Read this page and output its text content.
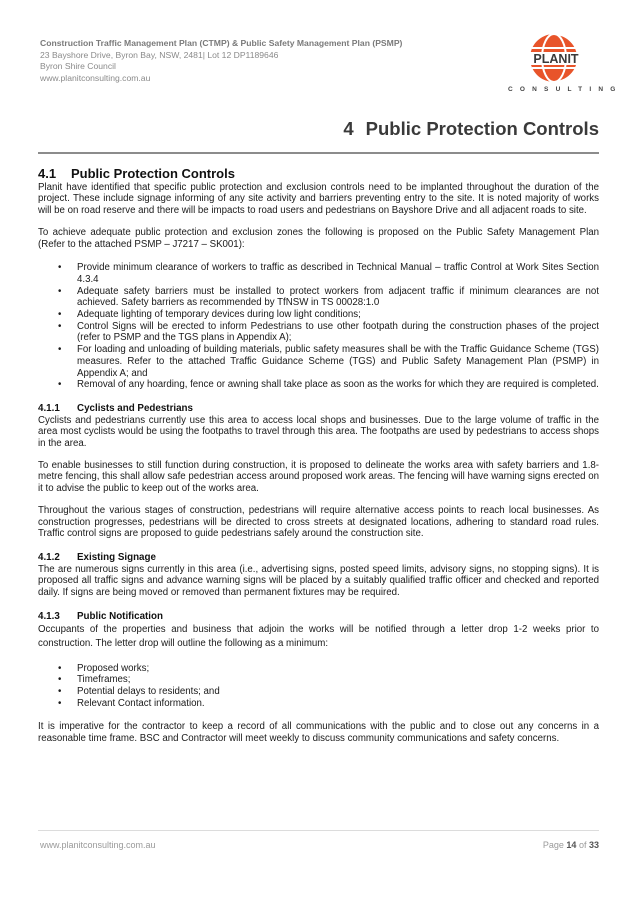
Construction Traffic Management Plan (CTMP) & Public Safety Management Plan (PSMP)
23 Bayshore Drive, Byron Bay, NSW, 2481| Lot 12 DP1189646
Byron Shire Council
www.planitconsulting.com.au
PLANIT
CONSULTING
4 Public Protection Controls
4.1 Public Protection Controls

Planit have identified that specific public protection and exclusion controls need to be implanted throughout the duration of the project. These include signage informing of any site activity and barriers preventing entry to the site. It is noted majority of works will be on road reserve and there will be impacts to road users and pedestrians on Bayshore Drive and all adjacent roads to site.

To achieve adequate public protection and exclusion zones the following is proposed on the Public Safety Management Plan (Refer to the attached PSMP – J7217 – SK001):

• Provide minimum clearance of workers to traffic as described in Technical Manual – traffic Control at Work Sites Section 4.3.4
• Adequate safety barriers must be installed to protect workers from adjacent traffic if minimum clearances are not achieved. Safety barriers as recommended by TfNSW in TS 00028:1.0
• Adequate lighting of temporary devices during low light conditions;
• Control Signs will be erected to inform Pedestrians to use other footpath during the construction phases of the project (refer to PSMP and the TGS plans in Appendix A);
• For loading and unloading of building materials, public safety measures shall be with the Traffic Guidance Scheme (TGS) measures. Refer to the attached Traffic Guidance Scheme (TGS) and Public Safety Management Plan (PSMP) in Appendix A; and
• Removal of any hoarding, fence or awning shall take place as soon as the works for which they are required is completed.
4.1.1 Cyclists and Pedestrians

Cyclists and pedestrians currently use this area to access local shops and businesses. Due to the large volume of traffic in the area most cyclists would be using the footpaths to travel through this area. The footpaths are used by pedestrians to access shops in the area.

To enable businesses to still function during construction, it is proposed to delineate the works area with safety barriers and 1.8-metre fencing, this shall allow safe pedestrian access around proposed work areas. The fencing will have warning signs erected on it to advise the public to keep out of the works area.

Throughout the various stages of construction, pedestrians will require alternative access points to reach local businesses. As construction progresses, pedestrians will be directed to cross streets at designated locations, adhering to standard road rules. Traffic control signs are proposed to guide pedestrians safely around the construction site.

4.1.2 Existing Signage

The are numerous signs currently in this area (i.e., advertising signs, posted speed limits, advisory signs, no stopping signs). It is proposed all traffic signs and advance warning signs will be placed by a suitably qualified traffic officer and checked and reported daily. If signs are being moved or removed than permanent fixtures may be required.

4.1.3 Public Notification

Occupants of the properties and business that adjoin the works will be notified through a letter drop 1-2 weeks prior to construction. The letter drop will outline the following as a minimum:

• Proposed works;
• Timeframes;
• Potential delays to residents; and
• Relevant Contact information.

It is imperative for the contractor to keep a record of all communications with the public and to close out any concerns in a reasonable time frame. BSC and Contractor will meet weekly to discuss community communications and safety concerns.

www.planitconsulting.com.au	Page 14 of 33
